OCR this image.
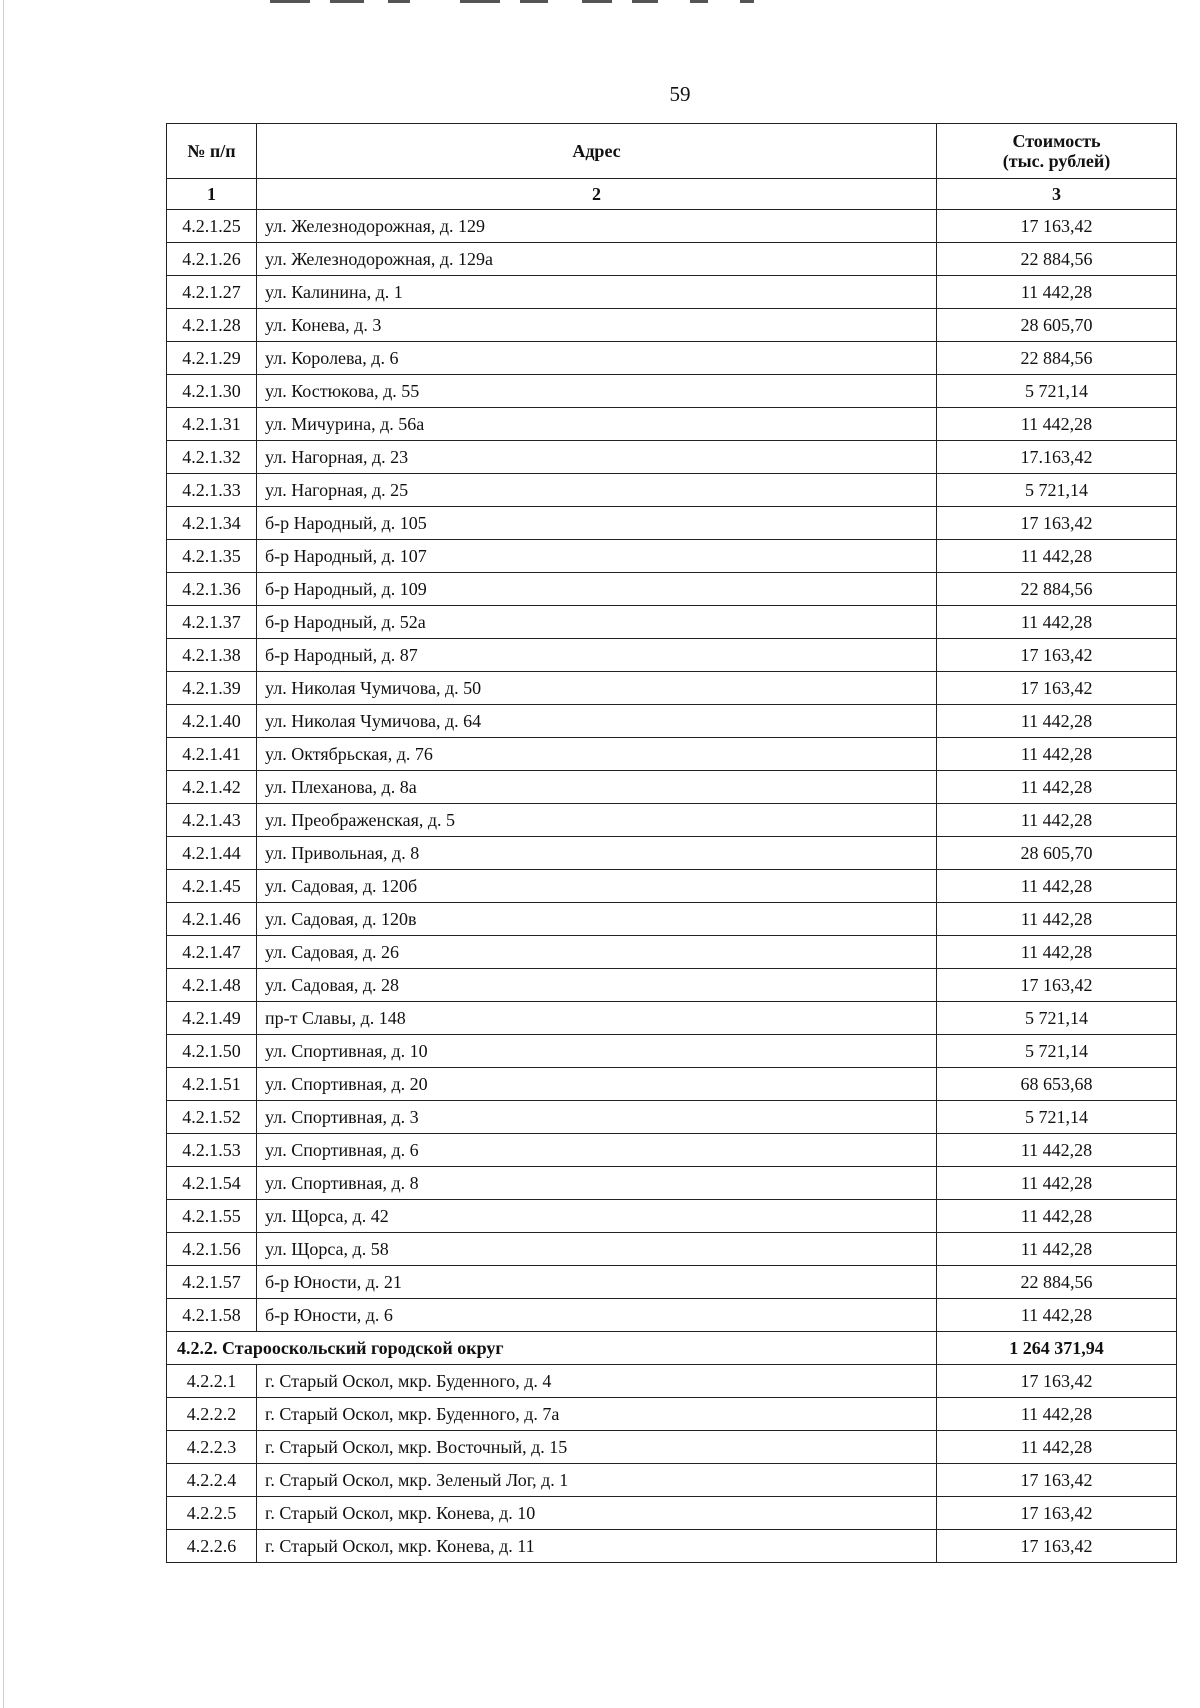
59
№ п/п	Адрес	Стоимость
(тыс. рублей)

1	2	3
4.2.1.25	ул. Железнодорожная, д. 129	17 163,42
4.2.1.26	ул. Железнодорожная, д. 129а	22 884,56
4.2.1.27	ул. Калинина, д. 1	11 442,28
4.2.1.28	ул. Конева, д. 3	28 605,70
4.2.1.29	ул. Королева, д. 6	22 884,56
4.2.1.30	ул. Костюкова, д. 55	5 721,14
4.2.1.31	ул. Мичурина, д. 56а	11 442,28
4.2.1.32	ул. Нагорная, д. 23	17.163,42
4.2.1.33	ул. Нагорная, д. 25	5 721,14
4.2.1.34	б-р Народный, д. 105	17 163,42
4.2.1.35	б-р Народный, д. 107	11 442,28
4.2.1.36	б-р Народный, д. 109	22 884,56
4.2.1.37	б-р Народный, д. 52а	11 442,28
4.2.1.38	б-р Народный, д. 87	17 163,42
4.2.1.39	ул. Николая Чумичова, д. 50	17 163,42
4.2.1.40	ул. Николая Чумичова, д. 64	11 442,28
4.2.1.41	ул. Октябрьская, д. 76	11 442,28
4.2.1.42	ул. Плеханова, д. 8а	11 442,28
4.2.1.43	ул. Преображенская, д. 5	11 442,28
4.2.1.44	ул. Привольная, д. 8	28 605,70
4.2.1.45	ул. Садовая, д. 120б	11 442,28
4.2.1.46	ул. Садовая, д. 120в	11 442,28
4.2.1.47	ул. Садовая, д. 26	11 442,28
4.2.1.48	ул. Садовая, д. 28	17 163,42
4.2.1.49	пр-т Славы, д. 148	5 721,14
4.2.1.50	ул. Спортивная, д. 10	5 721,14
4.2.1.51	ул. Спортивная, д. 20	68 653,68
4.2.1.52	ул. Спортивная, д. 3	5 721,14
4.2.1.53	ул. Спортивная, д. 6	11 442,28
4.2.1.54	ул. Спортивная, д. 8	11 442,28
4.2.1.55	ул. Щорса, д. 42	11 442,28
4.2.1.56	ул. Щорса, д. 58	11 442,28
4.2.1.57	б-р Юности, д. 21	22 884,56
4.2.1.58	б-р Юности, д. 6	11 442,28
4.2.2. Старооскольский городской округ		1 264 371,94
4.2.2.1	г. Старый Оскол, мкр. Буденного, д. 4	17 163,42
4.2.2.2	г. Старый Оскол, мкр. Буденного, д. 7а	11 442,28
4.2.2.3	г. Старый Оскол, мкр. Восточный, д. 15	11 442,28
4.2.2.4	г. Старый Оскол, мкр. Зеленый Лог, д. 1	17 163,42
4.2.2.5	г. Старый Оскол, мкр. Конева, д. 10	17 163,42
4.2.2.6	г. Старый Оскол, мкр. Конева, д. 11	17 163,42
